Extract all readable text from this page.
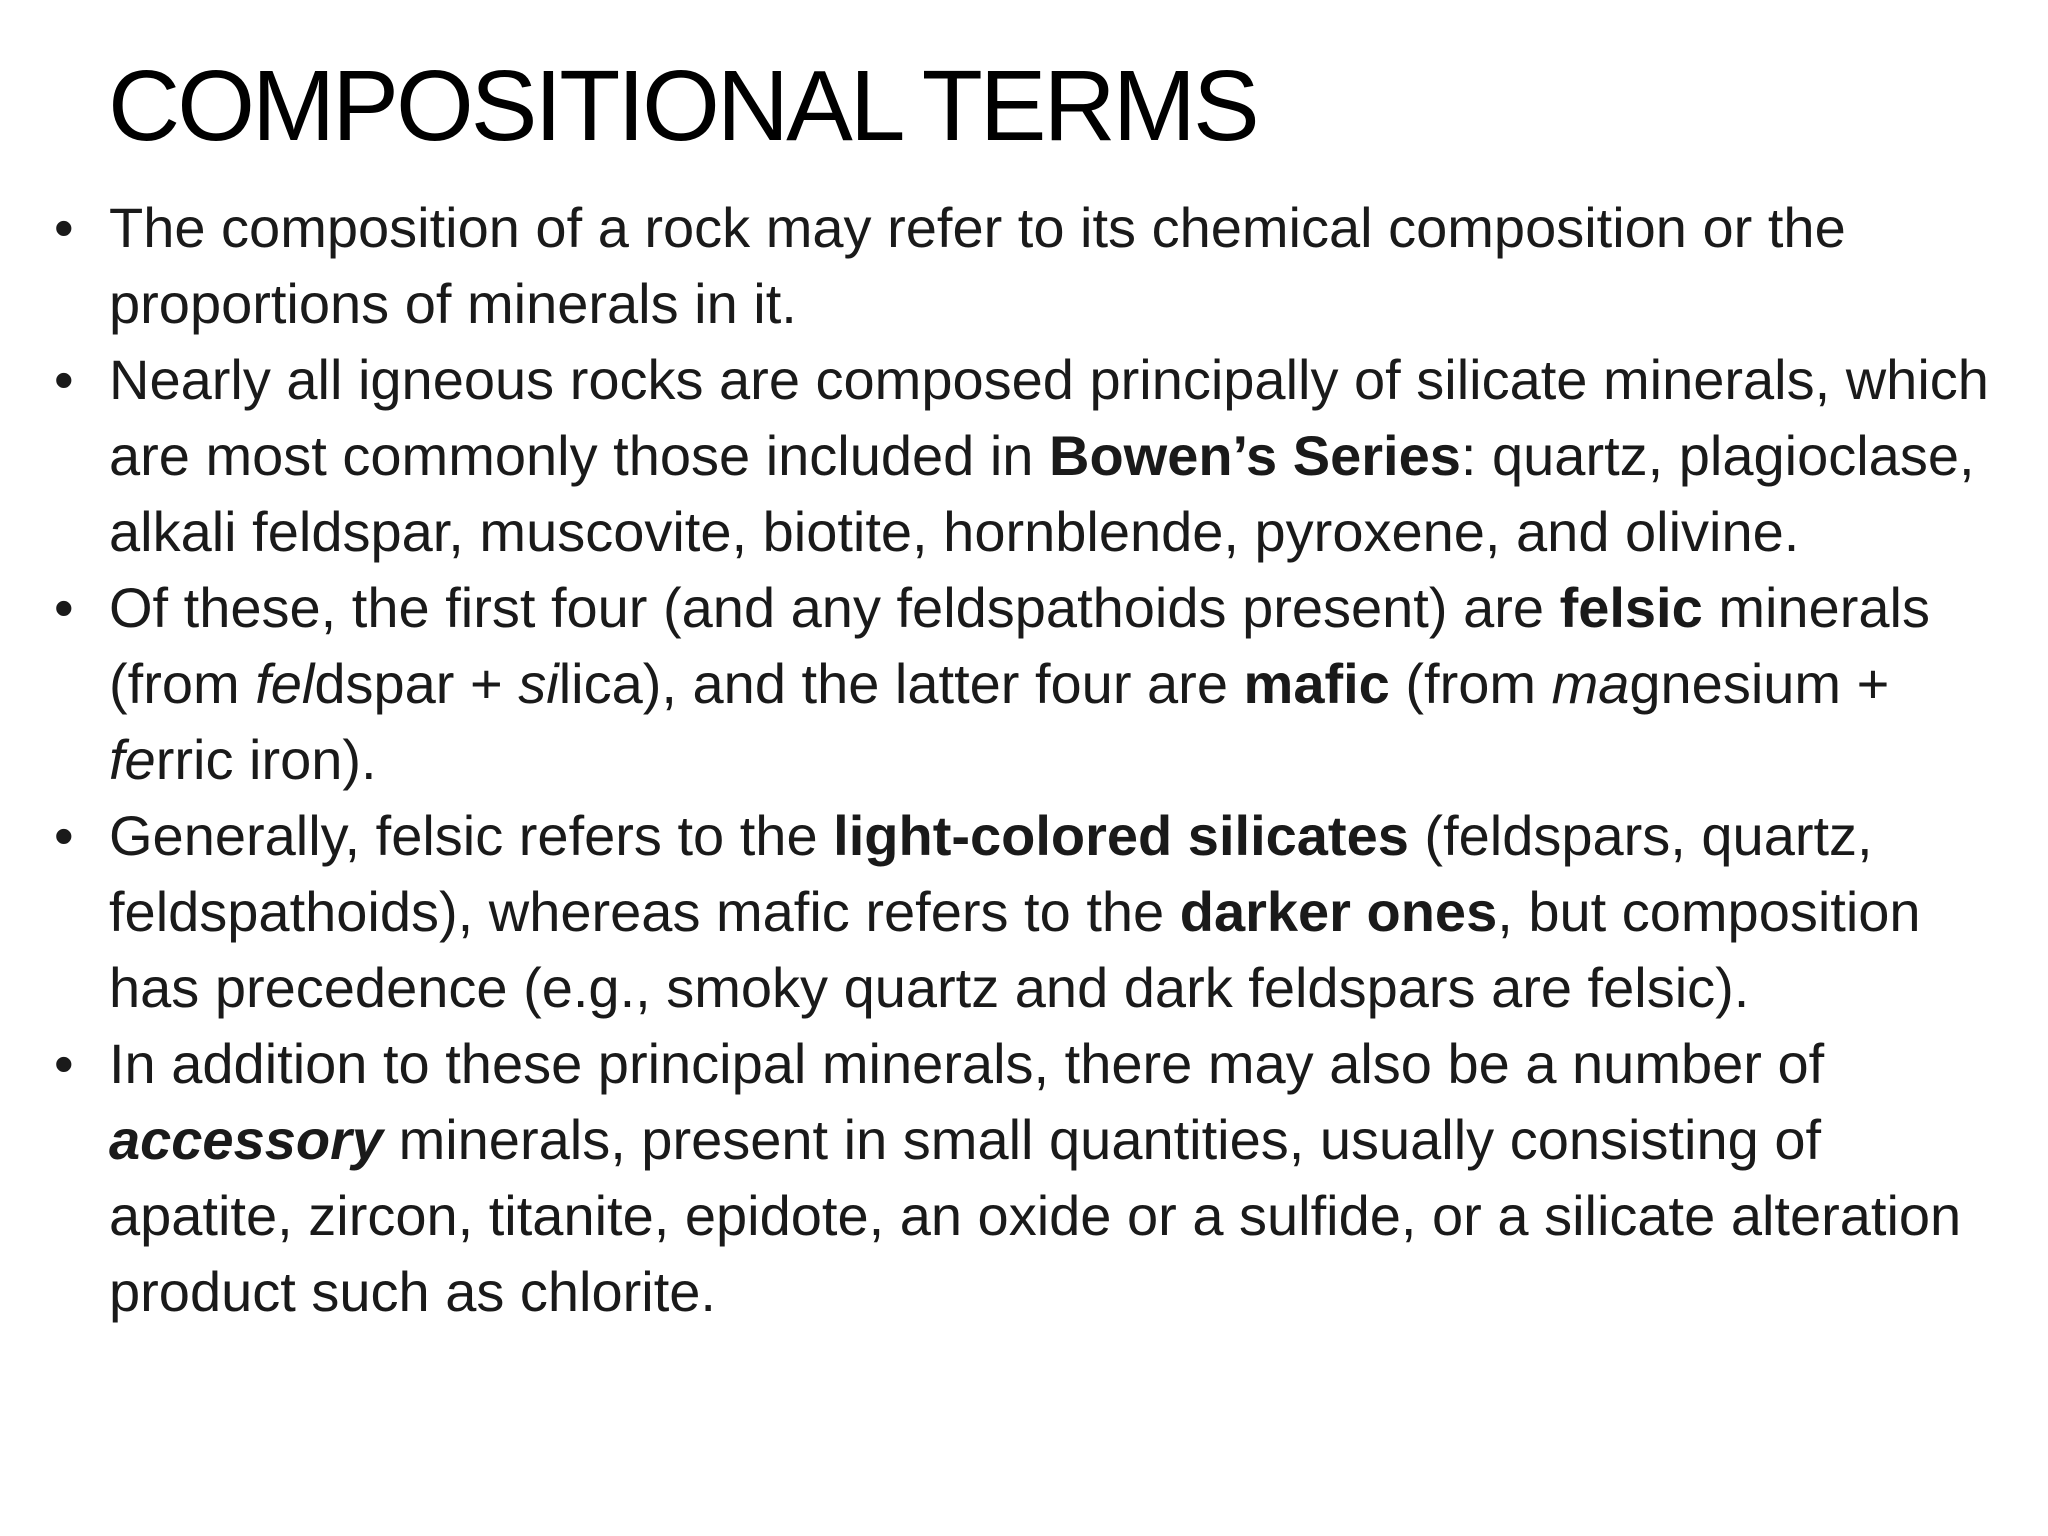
COMPOSITIONAL TERMS
• The composition of a rock may refer to its chemical composition or the proportions of minerals in it.
• Nearly all igneous rocks are composed principally of silicate minerals, which are most commonly those included in Bowen’s Series: quartz, plagioclase, alkali feldspar, muscovite, biotite, hornblende, pyroxene, and olivine.
• Of these, the first four (and any feldspathoids present) are felsic minerals (from feldspar + silica), and the latter four are mafic (from magnesium + ferric iron).
• Generally, felsic refers to the light-colored silicates (feldspars, quartz, feldspathoids), whereas mafic refers to the darker ones, but composition has precedence (e.g., smoky quartz and dark feldspars are felsic).
• In addition to these principal minerals, there may also be a number of accessory minerals, present in small quantities, usually consisting of apatite, zircon, titanite, epidote, an oxide or a sulfide, or a silicate alteration product such as chlorite.
